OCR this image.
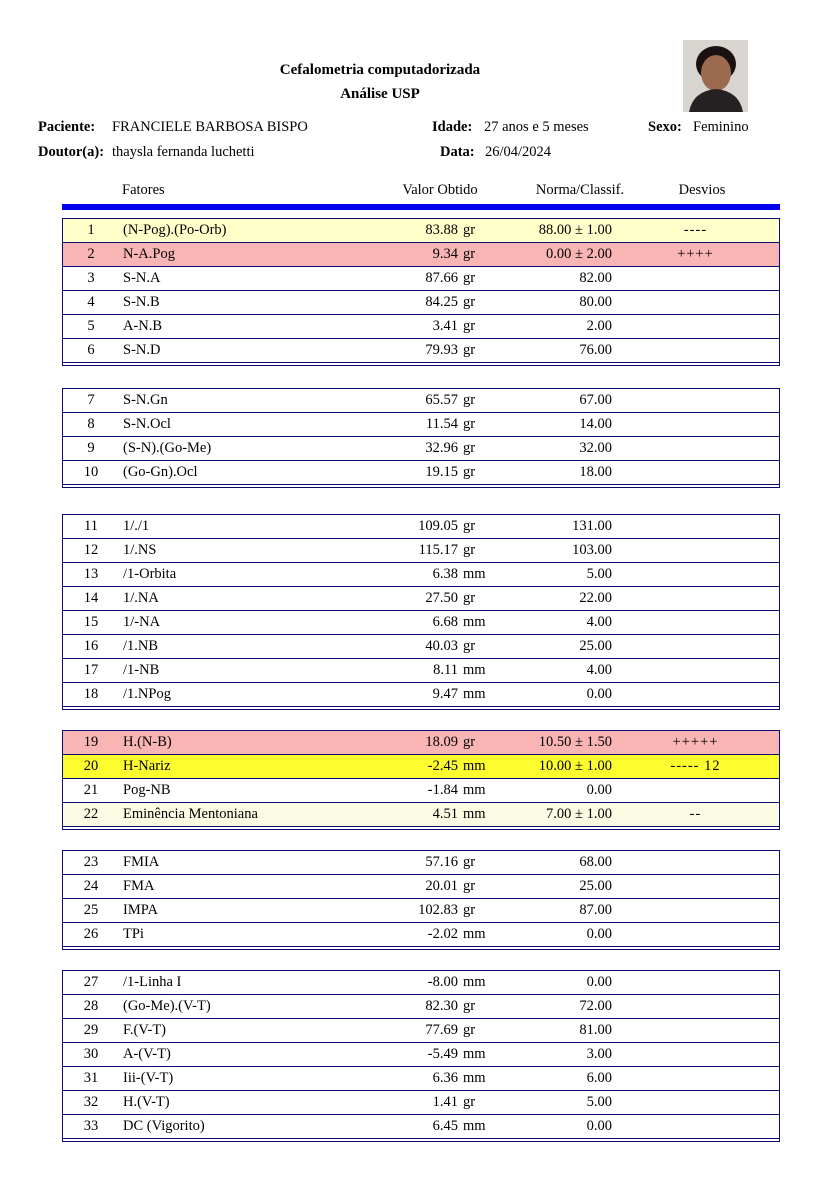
Cefalometria computadorizada
Análise USP
Paciente: FRANCIELE BARBOSA BISPO	Idade: 27 anos e 5 meses	Sexo: Feminino
Doutor(a): thaysla fernanda luchetti	Data: 26/04/2024
Fatores	Valor Obtido	Norma/Classif.	Desvios
1	(N-Pog).(Po-Orb)	83.88 gr	88.00 ± 1.00	----
2	N-A.Pog	9.34 gr	0.00 ± 2.00	++++
3	S-N.A	87.66 gr	82.00
4	S-N.B	84.25 gr	80.00
5	A-N.B	3.41 gr	2.00
6	S-N.D	79.93 gr	76.00
7	S-N.Gn	65.57 gr	67.00
8	S-N.Ocl	11.54 gr	14.00
9	(S-N).(Go-Me)	32.96 gr	32.00
10	(Go-Gn).Ocl	19.15 gr	18.00
11	1/./1	109.05 gr	131.00
12	1/.NS	115.17 gr	103.00
13	/1-Orbita	6.38 mm	5.00
14	1/.NA	27.50 gr	22.00
15	1/-NA	6.68 mm	4.00
16	/1.NB	40.03 gr	25.00
17	/1-NB	8.11 mm	4.00
18	/1.NPog	9.47 mm	0.00
19	H.(N-B)	18.09 gr	10.50 ± 1.50	+++++
20	H-Nariz	-2.45 mm	10.00 ± 1.00	----- 12
21	Pog-NB	-1.84 mm	0.00
22	Eminência Mentoniana	4.51 mm	7.00 ± 1.00	--
23	FMIA	57.16 gr	68.00
24	FMA	20.01 gr	25.00
25	IMPA	102.83 gr	87.00
26	TPi	-2.02 mm	0.00
27	/1-Linha I	-8.00 mm	0.00
28	(Go-Me).(V-T)	82.30 gr	72.00
29	F.(V-T)	77.69 gr	81.00
30	A-(V-T)	-5.49 mm	3.00
31	Iii-(V-T)	6.36 mm	6.00
32	H.(V-T)	1.41 gr	5.00
33	DC (Vigorito)	6.45 mm	0.00
